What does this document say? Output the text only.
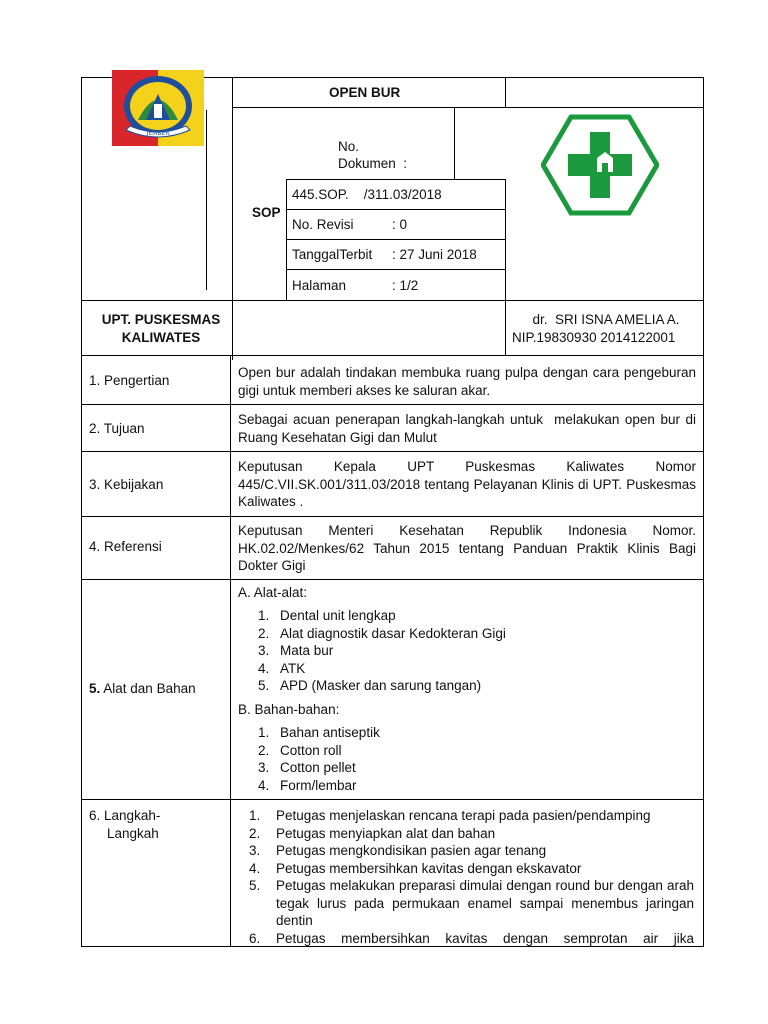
JEMBER
OPEN BUR
No.
Dokumen  :
SOP
445.SOP.    /311.03/2018
No. Revisi	: 0
TanggalTerbit : 27 Juni 2018
Halaman	: 1/2
UPT. PUSKESMAS
KALIWATES
dr.  SRI ISNA AMELIA A.
NIP.19830930 2014122001
1. Pengertian
Open bur adalah tindakan membuka ruang pulpa dengan cara pengeburan gigi untuk memberi akses ke saluran akar.
2. Tujuan
Sebagai acuan penerapan langkah-langkah untuk  melakukan open bur di Ruang Kesehatan Gigi dan Mulut
3. Kebijakan
Keputusan Kepala UPT Puskesmas Kaliwates Nomor 445/C.VII.SK.001/311.03/2018 tentang Pelayanan Klinis di UPT. Puskesmas Kaliwates .
4. Referensi
Keputusan Menteri Kesehatan Republik Indonesia Nomor. HK.02.02/Menkes/62 Tahun 2015 tentang Panduan Praktik Klinis Bagi Dokter Gigi
5. Alat dan Bahan
A. Alat-alat:
1. Dental unit lengkap
2. Alat diagnostik dasar Kedokteran Gigi
3. Mata bur
4. ATK
5. APD (Masker dan sarung tangan)
B. Bahan-bahan:
1. Bahan antiseptik
2. Cotton roll
3. Cotton pellet
4. Form/lembar
6. Langkah-
Langkah
1. Petugas menjelaskan rencana terapi pada pasien/pendamping
2. Petugas menyiapkan alat dan bahan
3. Petugas mengkondisikan pasien agar tenang
4. Petugas membersihkan kavitas dengan ekskavator
5. Petugas melakukan preparasi dimulai dengan round bur dengan arah tegak lurus pada permukaan enamel sampai menembus jaringan dentin
6. Petugas membersihkan kavitas dengan semprotan air jika
